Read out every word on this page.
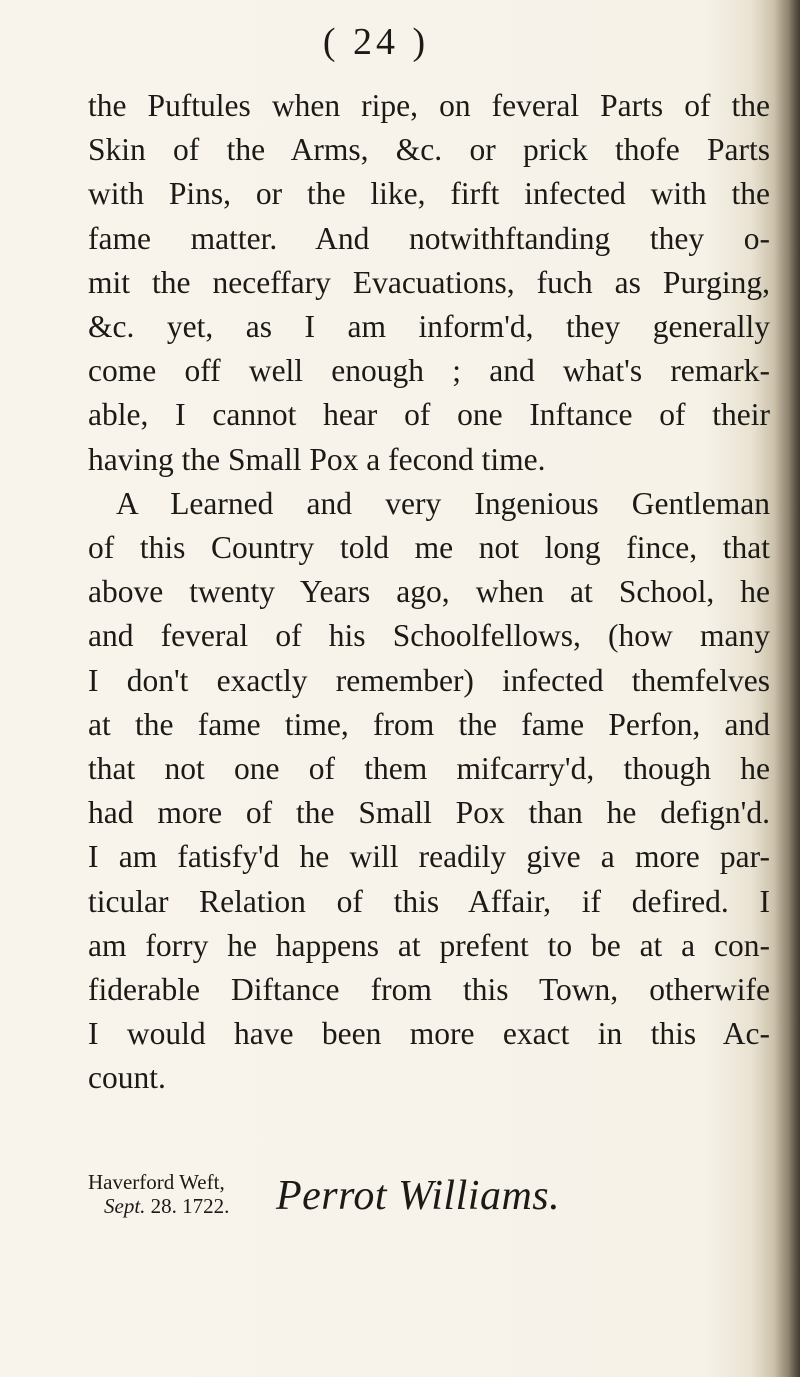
( 24 )
the Puftules when ripe, on feveral Parts of the
Skin of the Arms, &c. or prick thofe Parts
with Pins, or the like, firft infected with the
fame matter. And notwithftanding they o-
mit the neceffary Evacuations, fuch as Purging,
&c. yet, as I am inform'd, they generally
come off well enough ; and what's remark-
able, I cannot hear of one Inftance of their
having the Small Pox a fecond time.
A Learned and very Ingenious Gentleman
of this Country told me not long fince, that
above twenty Years ago, when at School, he
and feveral of his Schoolfellows, (how many
I don't exactly remember) infected themfelves
at the fame time, from the fame Perfon, and
that not one of them mifcarry'd, though he
had more of the Small Pox than he defign'd.
I am fatisfy'd he will readily give a more par-
ticular Relation of this Affair, if defired. I
am forry he happens at prefent to be at a con-
fiderable Diftance from this Town, otherwife
I would have been more exact in this Ac-
count.
Haverford Weft,
Sept. 28. 1722. Perrot Williams.
